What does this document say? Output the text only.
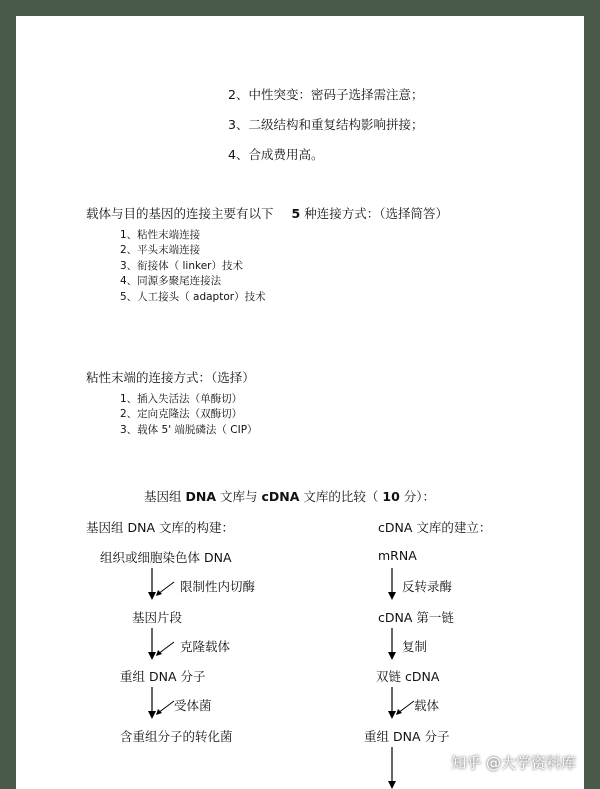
2、中性突变：密码子选择需注意；
3、二级结构和重复结构影响拼接；
4、合成费用高。
载体与目的基因的连接主要有以下 5 种连接方式：（选择简答）
1、粘性末端连接
2、平头末端连接
3、衔接体（ linker）技术
4、同源多聚尾连接法
5、人工接头（ adaptor）技术
粘性末端的连接方式：（选择）
1、插入失活法（单酶切）
2、定向克隆法（双酶切）
3、载体 5' 端脱磷法（ CIP）
基因组 DNA 文库与 cDNA 文库的比较（ 10 分）：
基因组 DNA 文库的构建：
组织或细胞染色体 DNA
限制性内切酶
基因片段
克隆载体
重组 DNA 分子
受体菌
含重组分子的转化菌
cDNA 文库的建立：
mRNA
反转录酶
cDNA 第一链
复制
双链 cDNA
载体
重组 DNA 分子
知乎 @大学资料库
